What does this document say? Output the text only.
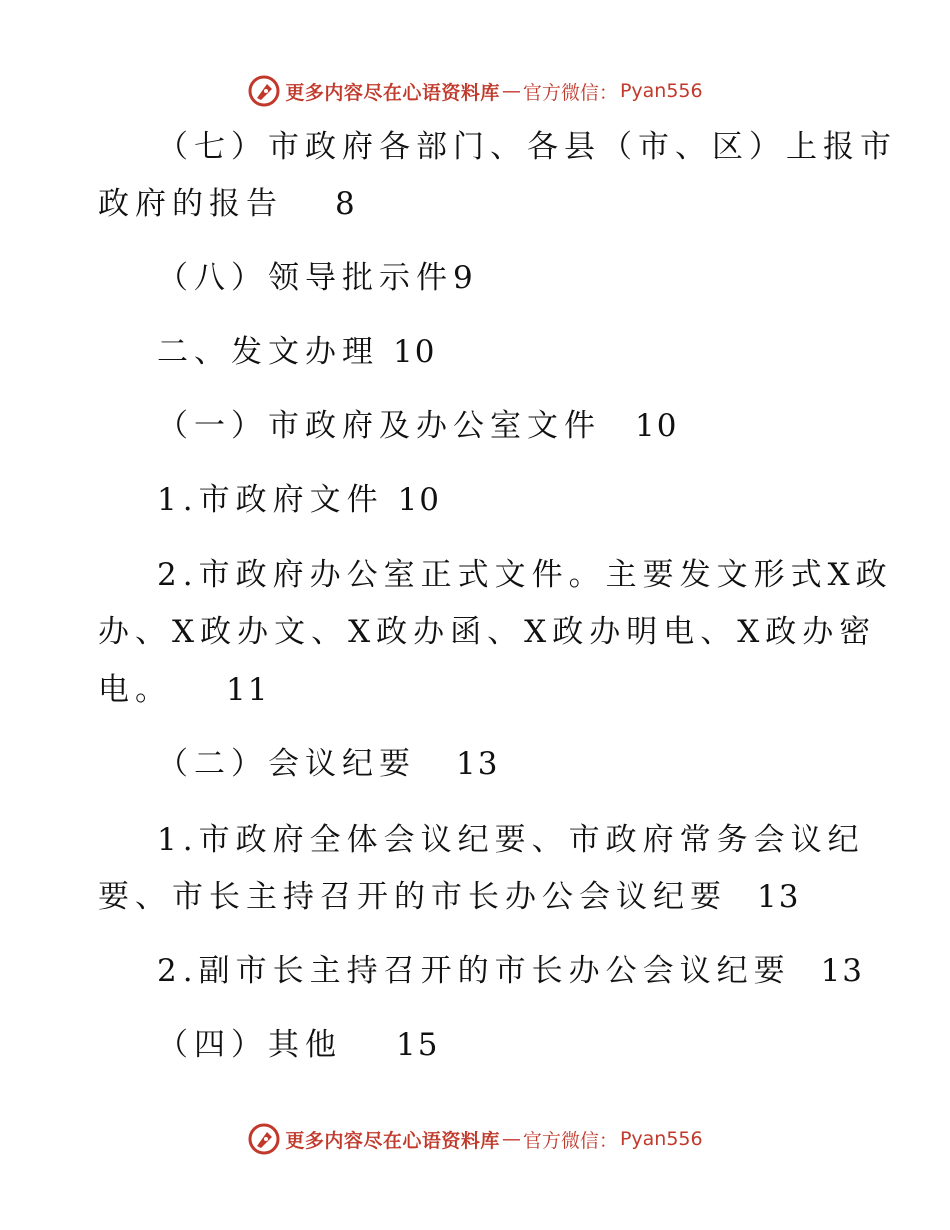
更多内容尽在心语资料库 — 官方微信： Pyan556
（七）市政府各部门、各县（市、区）上报市
政府的报告 8
（八）领导批示件9
二、发文办理 10
（一）市政府及办公室文件 10
1.市政府文件 10
2.市政府办公室正式文件。主要发文形式X政
办、X政办文、X政办函、X政办明电、X政办密
电。 11
（二）会议纪要 13
1.市政府全体会议纪要、市政府常务会议纪
要、市长主持召开的市长办公会议纪要 13
2.副市长主持召开的市长办公会议纪要 13
（四）其他 15
更多内容尽在心语资料库 — 官方微信： Pyan556
